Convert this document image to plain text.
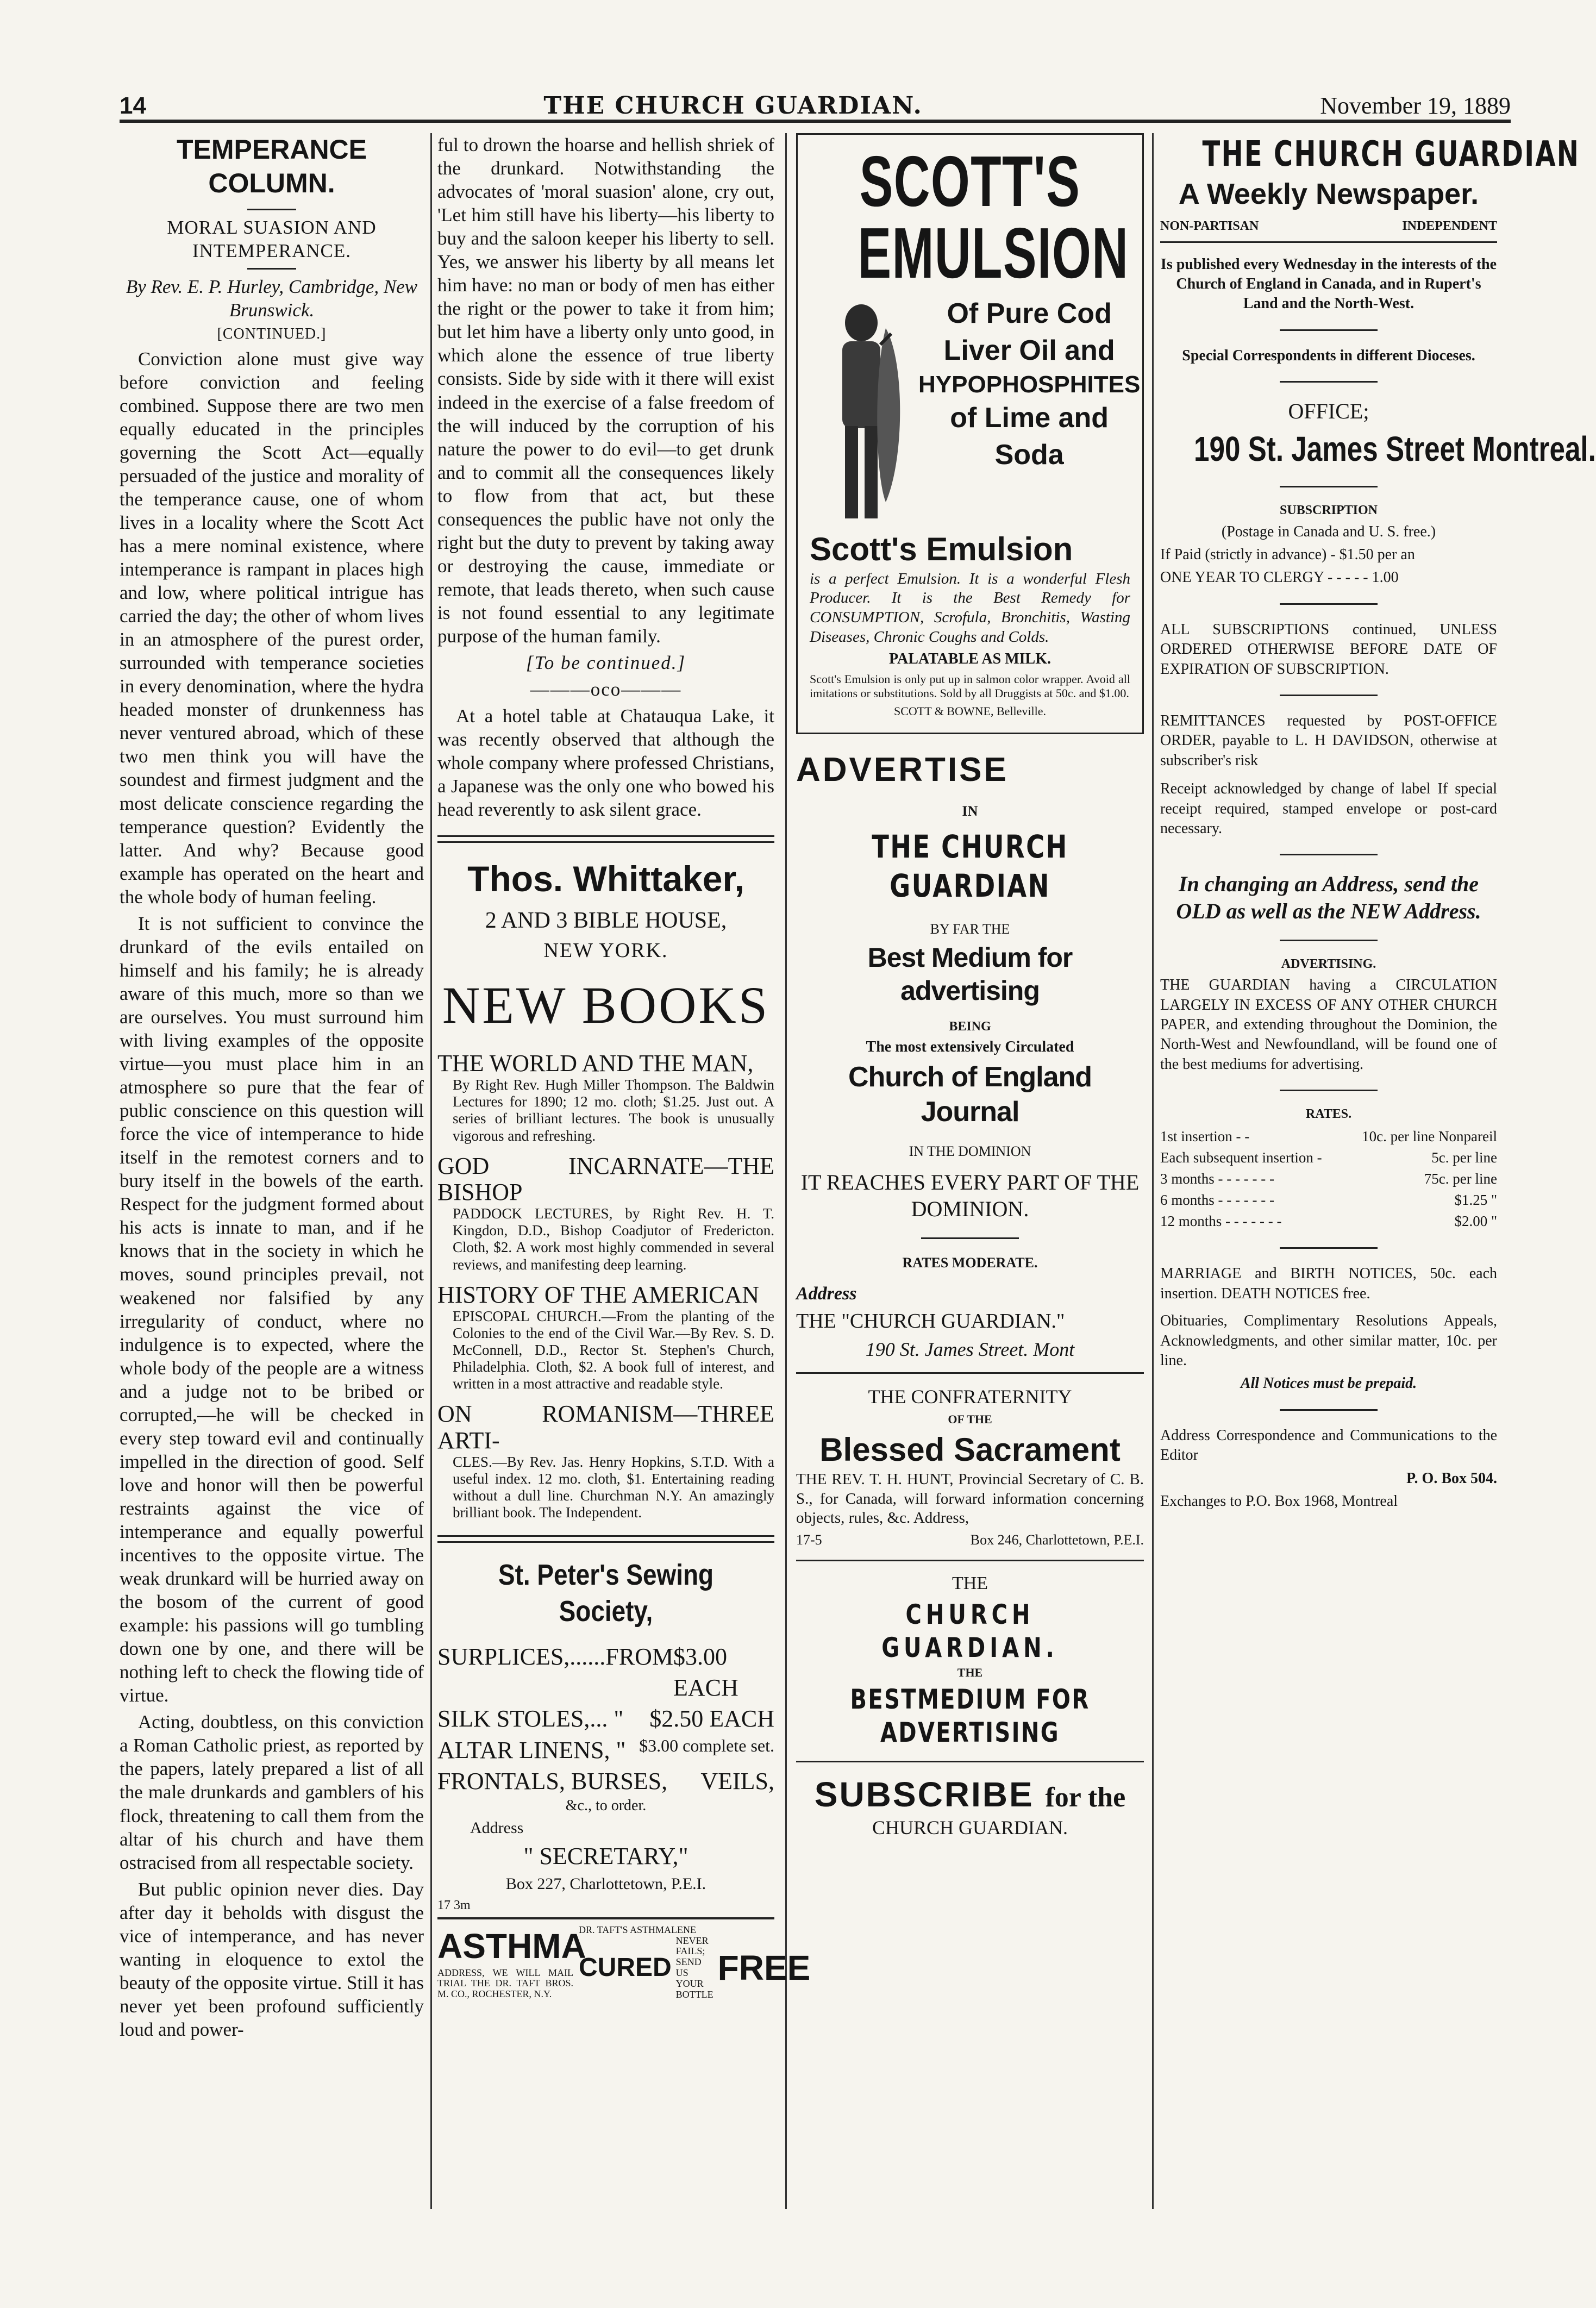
14	THE CHURCH GUARDIAN.	November 19, 1889
TEMPERANCE COLUMN.

MORAL SUASION AND INTEMPERANCE.

By Rev. E. P. Hurley, Cambridge, New Brunswick.

[CONTINUED.]

Conviction alone must give way before conviction and feeling combined. Suppose there are two men equally educated in the principles governing the Scott Act—equally persuaded of the justice and morality of the temperance cause, one of whom lives in a locality where the Scott Act has a mere nominal existence, where intemperance is rampant in places high and low, where political intrigue has carried the day; the other of whom lives in an atmosphere of the purest order, surrounded with temperance societies in every denomination, where the hydra headed monster of drunkenness has never ventured abroad, which of these two men think you will have the soundest and firmest judgment and the most delicate conscience regarding the temperance question? Evidently the latter. And why? Because good example has operated on the heart and the whole body of human feeling.

It is not sufficient to convince the drunkard of the evils entailed on himself and his family; he is already aware of this much, more so than we are ourselves. You must surround him with living examples of the opposite virtue—you must place him in an atmosphere so pure that the fear of public conscience on this question will force the vice of intemperance to hide itself in the remotest corners and to bury itself in the bowels of the earth. Respect for the judgment formed about his acts is innate to man, and if he knows that in the society in which he moves, sound principles prevail, not weakened nor falsified by any irregularity of conduct, where no indulgence is to expected, where the whole body of the people are a witness and a judge not to be bribed or corrupted,—he will be checked in every step toward evil and continually impelled in the direction of good. Self love and honor will then be powerful restraints against the vice of intemperance and equally powerful incentives to the opposite virtue. The weak drunkard will be hurried away on the bosom of the current of good example: his passions will go tumbling down one by one, and there will be nothing left to check the flowing tide of virtue.

Acting, doubtless, on this conviction a Roman Catholic priest, as reported by the papers, lately prepared a list of all the male drunkards and gamblers of his flock, threatening to call them from the altar of his church and have them ostracised from all respectable society.

But public opinion never dies. Day after day it beholds with disgust the vice of intemperance, and has never wanting in eloquence to extol the beauty of the opposite virtue. Still it has never yet been profound sufficiently loud and power-

ful to drown the hoarse and hellish shriek of the drunkard. Notwithstanding the advocates of 'moral suasion' alone, cry out, 'Let him still have his liberty—his liberty to buy and the saloon keeper his liberty to sell. Yes, we answer his liberty by all means let him have: no man or body of men has either the right or the power to take it from him; but let him have a liberty only unto good, in which alone the essence of true liberty consists. Side by side with it there will exist indeed in the exercise of a false freedom of the will induced by the corruption of his nature the power to do evil—to get drunk and to commit all the consequences likely to flow from that act, but these consequences the public have not only the right but the duty to prevent by taking away or destroying the cause, immediate or remote, that leads thereto, when such cause is not found essential to any legitimate purpose of the human family.

[To be continued.]

———oco———

At a hotel table at Chatauqua Lake, it was recently observed that although the whole company where professed Christians, a Japanese was the only one who bowed his head reverently to ask silent grace.

Thos. Whittaker,

2 AND 3 BIBLE HOUSE,

NEW YORK.

NEW BOOKS
THE WORLD AND THE MAN,

By Right Rev. Hugh Miller Thompson. The Baldwin Lectures for 1890; 12 mo. cloth; $1.25. Just out. A series of brilliant lectures. The book is unusually vigorous and refreshing.

GOD INCARNATE—THE BISHOP

PADDOCK LECTURES, by Right Rev. H. T. Kingdon, D.D., Bishop Coadjutor of Fredericton. Cloth, $2. A work most highly commended in several reviews, and manifesting deep learning.

HISTORY OF THE AMERICAN

EPISCOPAL CHURCH.—From the planting of the Colonies to the end of the Civil War.—By Rev. S. D. McConnell, D.D., Rector St. Stephen's Church, Philadelphia. Cloth, $2. A book full of interest, and written in a most attractive and readable style.

ON ROMANISM—THREE ARTI-

CLES.—By Rev. Jas. Henry Hopkins, S.T.D. With a useful index. 12 mo. cloth, $1. Entertaining reading without a dull line. Churchman N.Y. An amazingly brilliant book. The Independent.

St. Peter's Sewing Society,
SURPLICES,......FROM $3.00 EACH
SILK STOLES,... " $2.50 EACH
ALTAR LINENS, " $3.00 complete set.
FRONTALS, BURSES, VEILS,

&c., to order.

Address

" SECRETARY,"

Box 227, Charlottetown, P.E.I.

17 3m

ASTHMA
ADDRESS, WE WILL MAIL TRIAL THE DR. TAFT BROS. M. CO., ROCHESTER, N.Y.
DR. TAFT'S ASTHMALENE
CURED
NEVER FAILS; SEND US YOUR BOTTLE
FREE
SCOTT'S
EMULSION
Of Pure Cod
Liver Oil and
HYPOPHOSPHITES
of Lime and
Soda
Scott's Emulsion

is a perfect Emulsion. It is a wonderful Flesh Producer. It is the Best Remedy for CONSUMPTION, Scrofula, Bronchitis, Wasting Diseases, Chronic Coughs and Colds.

PALATABLE AS MILK.

Scott's Emulsion is only put up in salmon color wrapper. Avoid all imitations or substitutions. Sold by all Druggists at 50c. and $1.00.

SCOTT & BOWNE, Belleville.

ADVERTISE

IN

THE CHURCH GUARDIAN

BY FAR THE

Best Medium for advertising

BEING

The most extensively Circulated

Church of England Journal

IN THE DOMINION

IT REACHES EVERY PART OF THE DOMINION.

RATES MODERATE.

Address

THE "CHURCH GUARDIAN."

190 St. James Street. Mont

THE CONFRATERNITY

OF THE

Blessed Sacrament

THE REV. T. H. HUNT, Provincial Secretary of C. B. S., for Canada, will forward information concerning objects, rules, &c. Address,

17-5	Box 246, Charlottetown, P.E.I.

THE

CHURCH GUARDIAN.

THE

BESTMEDIUM FOR ADVERTISING
SUBSCRIBE for the

CHURCH GUARDIAN.

THE CHURCH GUARDIAN
A Weekly Newspaper.
NON-PARTISAN	INDEPENDENT

Is published every Wednesday in the interests of the Church of England in Canada, and in Rupert's Land and the North-West.

Special Correspondents in different Dioceses.

OFFICE;

190 St. James Street Montreal.

SUBSCRIPTION

(Postage in Canada and U. S. free.)

If Paid (strictly in advance) - $1.50 per an

ONE YEAR TO CLERGY - - - - - 1.00

ALL SUBSCRIPTIONS continued, UNLESS ORDERED OTHERWISE BEFORE DATE OF EXPIRATION OF SUBSCRIPTION.

REMITTANCES requested by POST-OFFICE ORDER, payable to L. H DAVIDSON, otherwise at subscriber's risk

Receipt acknowledged by change of label If special receipt required, stamped envelope or post-card necessary.

In changing an Address, send the OLD as well as the NEW Address.

ADVERTISING.

THE GUARDIAN having a CIRCULATION LARGELY IN EXCESS OF ANY OTHER CHURCH PAPER, and extending throughout the Dominion, the North-West and Newfoundland, will be found one of the best mediums for advertising.

RATES.

1st insertion - -	10c. per line Nonpareil
Each subsequent insertion -	5c. per line
3 months - - - - - - -	75c. per line
6 months - - - - - - -	$1.25 "
12 months - - - - - - -	$2.00 "

MARRIAGE and BIRTH NOTICES, 50c. each insertion. DEATH NOTICES free.

Obituaries, Complimentary Resolutions Appeals, Acknowledgments, and other similar matter, 10c. per line.

All Notices must be prepaid.

Address Correspondence and Communications to the Editor

P. O. Box 504.

Exchanges to P.O. Box 1968, Montreal
